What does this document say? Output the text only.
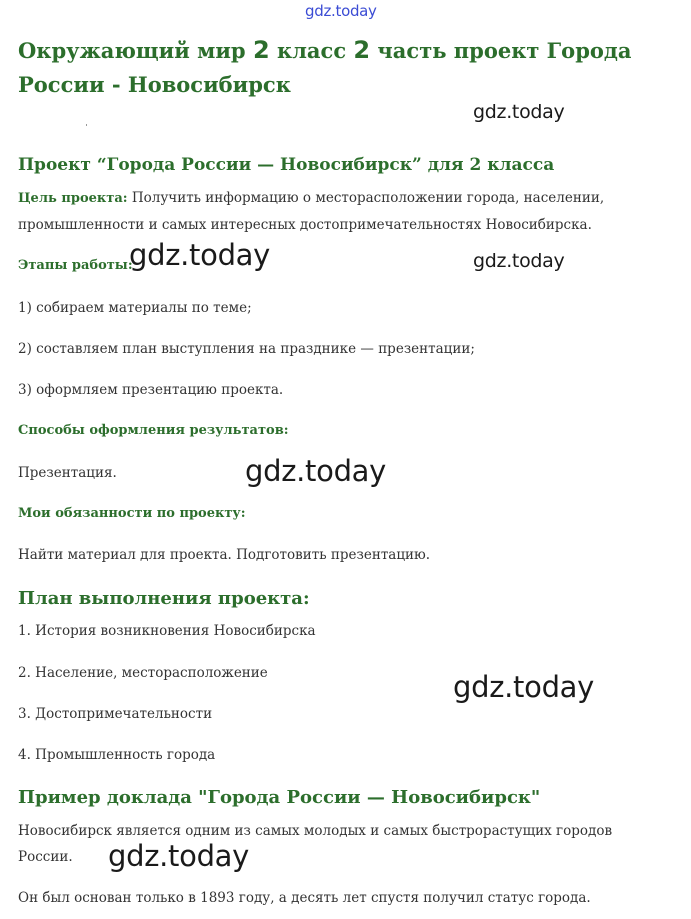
gdz.today
gdz.today
gdz.today	gdz.today
gdz.today
gdz.today
gdz.today
Окружающий мир 2 класс 2 часть проект Города России - Новосибирск
Проект “Города России — Новосибирск” для 2 класса
Цель проекта: Получить информацию о месторасположении города, населении, промышленности и самых интересных достопримечательностях Новосибирска.
Этапы работы:
1) собираем материалы по теме;
2) составляем план выступления на празднике — презентации;
3) оформляем презентацию проекта.
Способы оформления результатов:
Презентация.
Мои обязанности по проекту:
Найти материал для проекта. Подготовить презентацию.
План выполнения проекта:
1. История возникновения Новосибирска
2. Население, месторасположение
3. Достопримечательности
4. Промышленность города
Пример доклада "Города России — Новосибирск"
Новосибирск является одним из самых молодых и самых быстрорастущих городов России.
Он был основан только в 1893 году, а десять лет спустя получил статус города.
